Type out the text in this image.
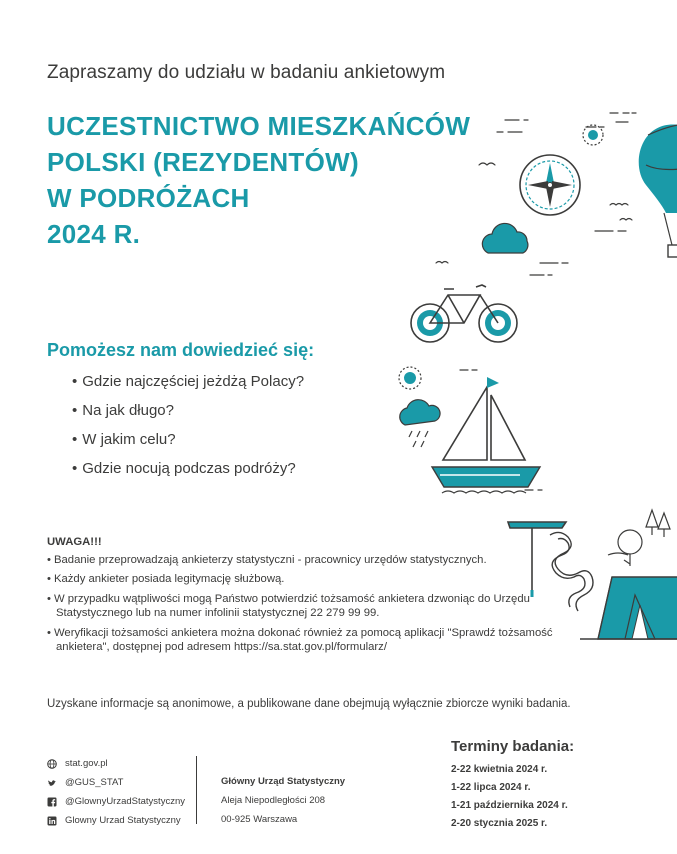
Zapraszamy do udziału w badaniu ankietowym
UCZESTNICTWO MIESZKAŃCÓW
POLSKI (REZYDENTÓW)
W PODRÓŻACH
2024 R.
Pomożesz nam dowiedzieć się:
• Gdzie najczęściej jeżdżą Polacy?
• Na jak długo?
• W jakim celu?
• Gdzie nocują podczas podróży?
UWAGA!!!
• Badanie przeprowadzają ankieterzy statystyczni - pracownicy urzędów statystycznych.
• Każdy ankieter posiada legitymację służbową.
• W przypadku wątpliwości mogą Państwo potwierdzić tożsamość ankietera dzwoniąc do Urzędu Statystycznego lub na numer infolinii statystycznej 22 279 99 99.
• Weryfikacji tożsamości ankietera można dokonać również za pomocą aplikacji "Sprawdź tożsamość ankietera", dostępnej pod adresem https://sa.stat.gov.pl/formularz/
Uzyskane informacje są anonimowe, a publikowane dane obejmują wyłącznie zbiorcze wyniki badania.
stat.gov.pl
@GUS_STAT
@GlownyUrzadStatystyczny
Glowny Urzad Statystyczny
Główny Urząd Statystyczny
Aleja Niepodległości 208
00-925 Warszawa
Terminy badania:
2-22 kwietnia 2024 r.
1-22 lipca 2024 r.
1-21 października 2024 r.
2-20 stycznia 2025 r.
